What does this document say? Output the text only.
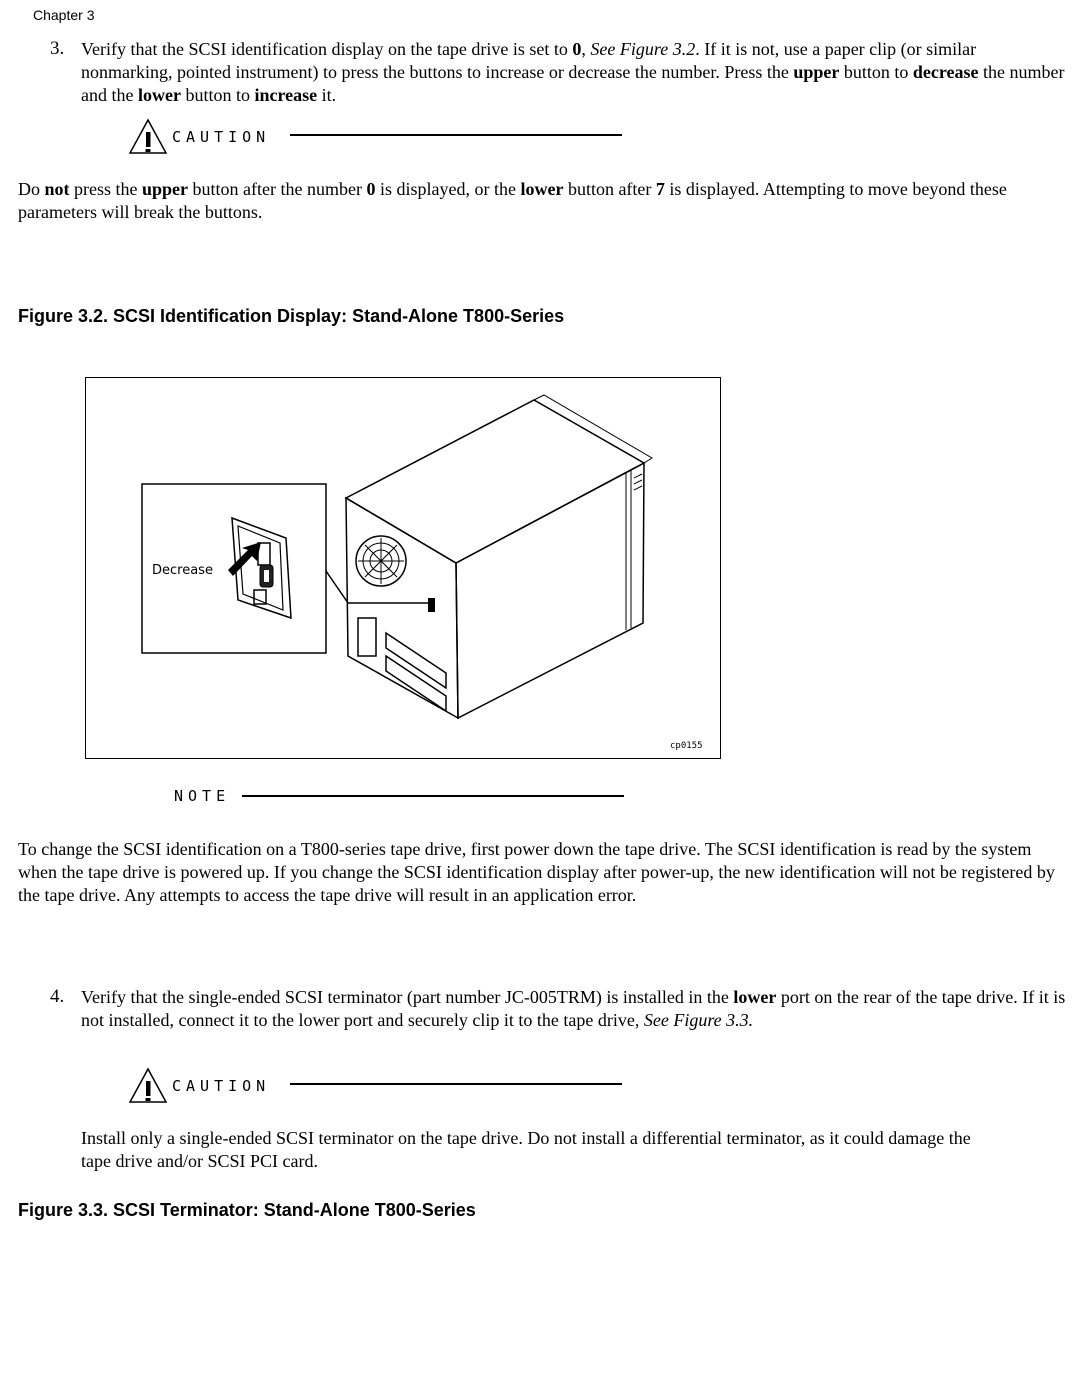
Chapter 3
3. Verify that the SCSI identification display on the tape drive is set to 0, See Figure 3.2. If it is not, use a paper clip (or similar nonmarking, pointed instrument) to press the buttons to increase or decrease the number. Press the upper button to decrease the number and the lower button to increase it.
CAUTION
Do not press the upper button after the number 0 is displayed, or the lower button after 7 is displayed. Attempting to move beyond these parameters will break the buttons.
Figure 3.2. SCSI Identification Display: Stand-Alone T800-Series
Decrease
cp0155
NOTE
To change the SCSI identification on a T800-series tape drive, first power down the tape drive. The SCSI identification is read by the system when the tape drive is powered up. If you change the SCSI identification display after power-up, the new identification will not be registered by the tape drive. Any attempts to access the tape drive will result in an application error.
4. Verify that the single-ended SCSI terminator (part number JC-005TRM) is installed in the lower port on the rear of the tape drive. If it is not installed, connect it to the lower port and securely clip it to the tape drive, See Figure 3.3.
CAUTION
Install only a single-ended SCSI terminator on the tape drive. Do not install a differential terminator, as it could damage the tape drive and/or SCSI PCI card.
Figure 3.3. SCSI Terminator: Stand-Alone T800-Series
